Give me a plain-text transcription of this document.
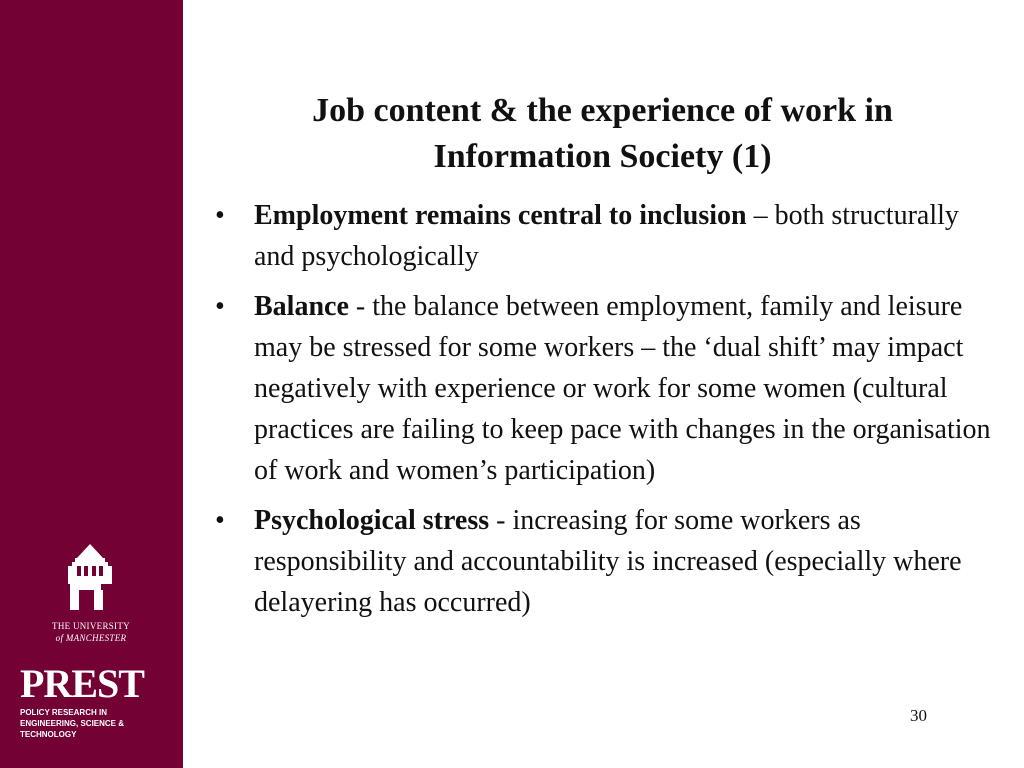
THE UNIVERSITY
of MANCHESTER
PREST
POLICY RESEARCH IN
ENGINEERING, SCIENCE & TECHNOLOGY
Job content & the experience of work in
Information Society (1)
• Employment remains central to inclusion – both structurally and psychologically
• Balance - the balance between employment, family and leisure may be stressed for some workers – the ‘dual shift’ may impact negatively with experience or work for some women (cultural practices are failing to keep pace with changes in the organisation of work and women’s participation)
• Psychological stress - increasing for some workers as responsibility and accountability is increased (especially where delayering has occurred)
30
